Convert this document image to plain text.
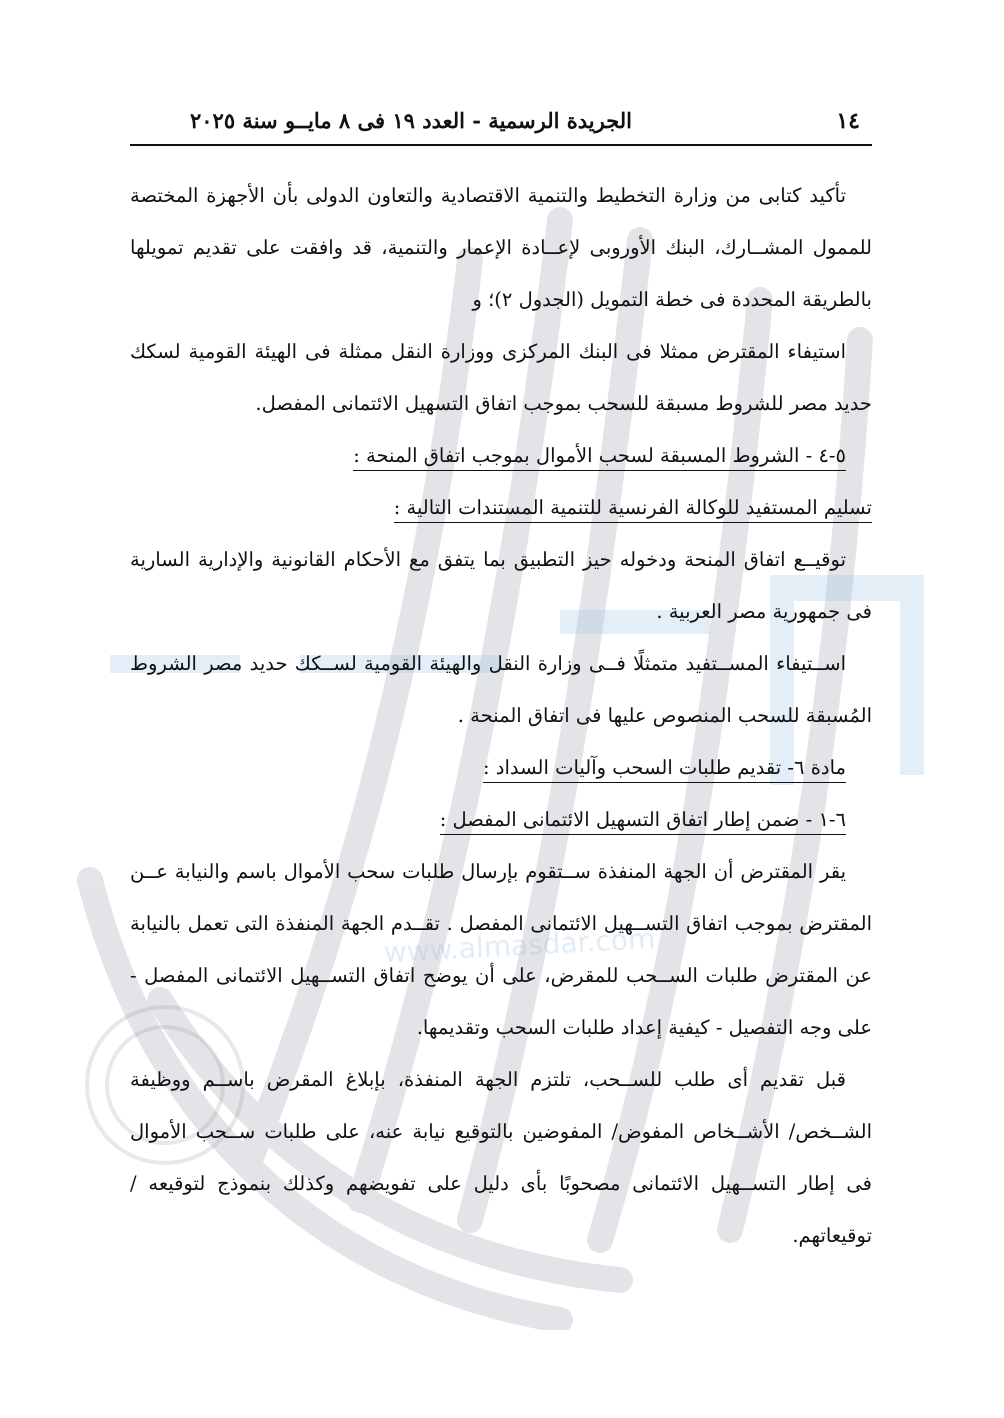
www.almasdar.com
١٤
الجريدة الرسمية - العدد ١٩ فى ٨ مايــو سنة ٢٠٢٥

تأكيد كتابى من وزارة التخطيط والتنمية الاقتصادية والتعاون الدولى بأن الأجهزة المختصة للممول المشــارك، البنك الأوروبى لإعــادة الإعمار والتنمية، قد وافقت على تقديم تمويلها بالطريقة المحددة فى خطة التمويل (الجدول ٢)؛ و

استيفاء المقترض ممثلا فى البنك المركزى ووزارة النقل ممثلة فى الهيئة القومية لسكك حديد مصر للشروط مسبقة للسحب بموجب اتفاق التسهيل الائتمانى المفصل.

٥-٤ - الشروط المسبقة لسحب الأموال بموجب اتفاق المنحة :

تسليم المستفيد للوكالة الفرنسية للتنمية المستندات التالية :

توقيــع اتفاق المنحة ودخوله حيز التطبيق بما يتفق مع الأحكام القانونية والإدارية السارية فى جمهورية مصر العربية .

اســتيفاء المســتفيد متمثلًا فــى وزارة النقل والهيئة القومية لســكك حديد مصر الشروط المُسبقة للسحب المنصوص عليها فى اتفاق المنحة .

مادة ٦- تقديم طلبات السحب وآليات السداد :

٦-١ - ضمن إطار اتفاق التسهيل الائتمانى المفصل :

يقر المقترض أن الجهة المنفذة ســتقوم بإرسال طلبات سحب الأموال باسم والنيابة عــن المقترض بموجب اتفاق التســهيل الائتمانى المفصل . تقــدم الجهة المنفذة التى تعمل بالنيابة عن المقترض طلبات الســحب للمقرض، على أن يوضح اتفاق التســهيل الائتمانى المفصل - على وجه التفصيل - كيفية إعداد طلبات السحب وتقديمها.

قبل تقديم أى طلب للســحب، تلتزم الجهة المنفذة، بإبلاغ المقرض باســم ووظيفة الشــخص/ الأشــخاص المفوض/ المفوضين بالتوقيع نيابة عنه، على طلبات ســحب الأموال فى إطار التســهيل الائتمانى مصحوبًا بأى دليل على تفويضهم وكذلك بنموذج لتوقيعه / توقيعاتهم.
